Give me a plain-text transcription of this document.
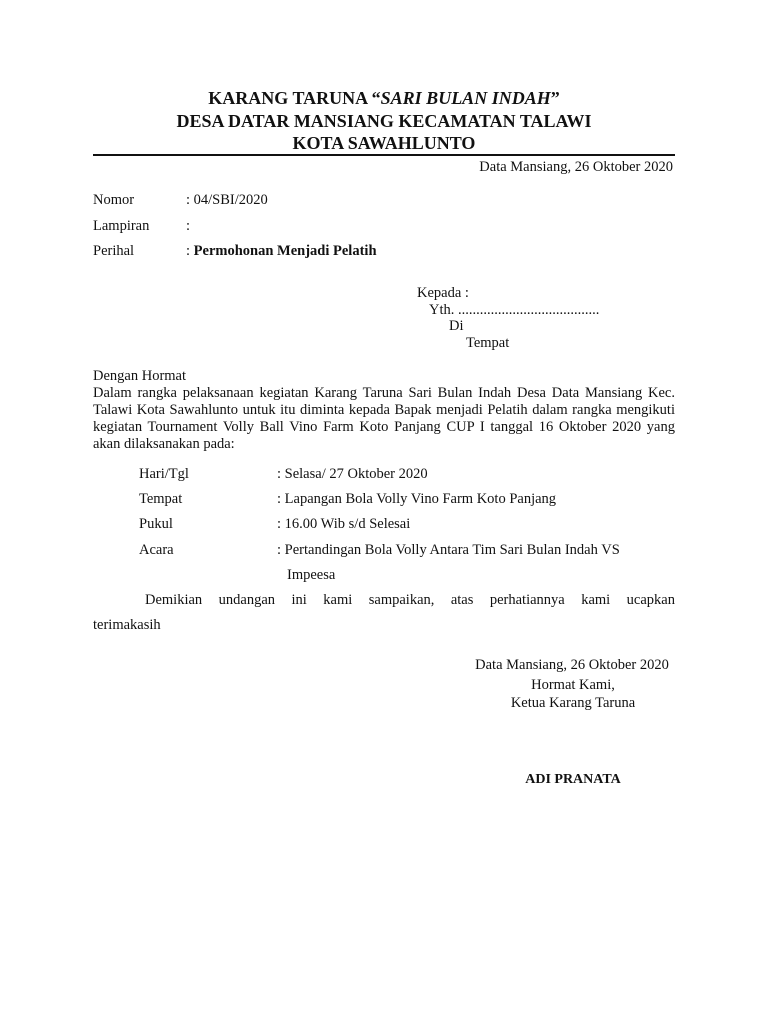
KARANG TARUNA “SARI BULAN INDAH”
DESA DATAR MANSIANG KECAMATAN TALAWI
KOTA SAWAHLUNTO
Data Mansiang, 26 Oktober 2020
Nomor	: 04/SBI/2020
Lampiran	:
Perihal	: Permohonan Menjadi Pelatih
Kepada :
Yth. .......................................
Di
Tempat
Dengan Hormat
Dalam rangka pelaksanaan kegiatan Karang Taruna Sari Bulan Indah Desa Data Mansiang Kec. Talawi Kota Sawahlunto untuk itu diminta kepada Bapak menjadi Pelatih dalam rangka mengikuti kegiatan Tournament Volly Ball Vino Farm Koto Panjang CUP I tanggal 16 Oktober 2020 yang akan dilaksanakan pada:
Hari/Tgl	: Selasa/ 27 Oktober 2020
Tempat	: Lapangan Bola Volly Vino Farm Koto Panjang
Pukul	: 16.00 Wib s/d Selesai
Acara	: Pertandingan Bola Volly Antara Tim Sari Bulan Indah VS
Impeesa
Demikian undangan ini kami sampaikan, atas perhatiannya kami ucapkan
terimakasih
Data Mansiang, 26 Oktober 2020
Hormat Kami,
Ketua Karang Taruna
ADI PRANATA
